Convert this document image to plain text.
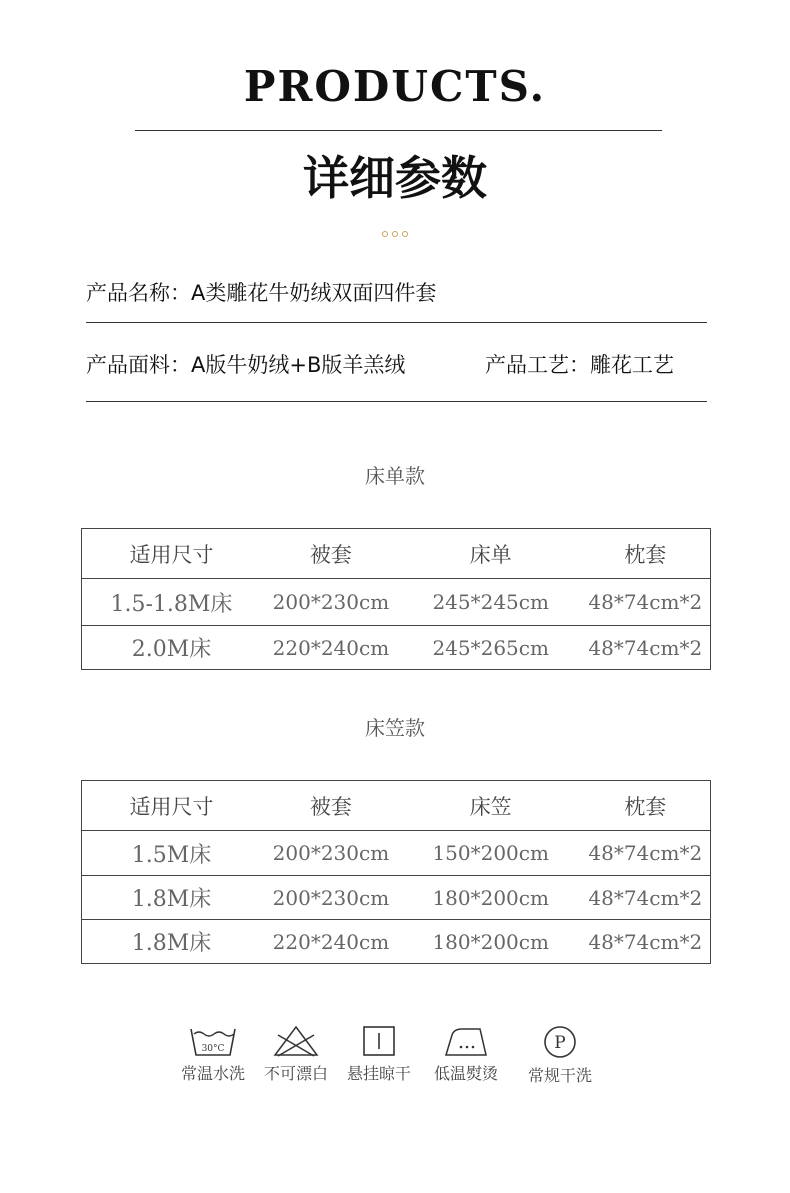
PRODUCTS.
详细参数
产品名称：A类雕花牛奶绒双面四件套
产品面料：A版牛奶绒+B版羊羔绒	产品工艺：雕花工艺
床单款
适用尺寸	被套	床单	枕套
1.5-1.8M床	200*230cm	245*245cm	48*74cm*2
2.0M床	220*240cm	245*265cm	48*74cm*2
床笠款
适用尺寸	被套	床笠	枕套
1.5M床	200*230cm	150*200cm	48*74cm*2
1.8M床	200*230cm	180*200cm	48*74cm*2
1.8M床	220*240cm	180*200cm	48*74cm*2
30°C
常温水洗 不可漂白	悬挂晾干	低温熨烫
P
常规干洗
